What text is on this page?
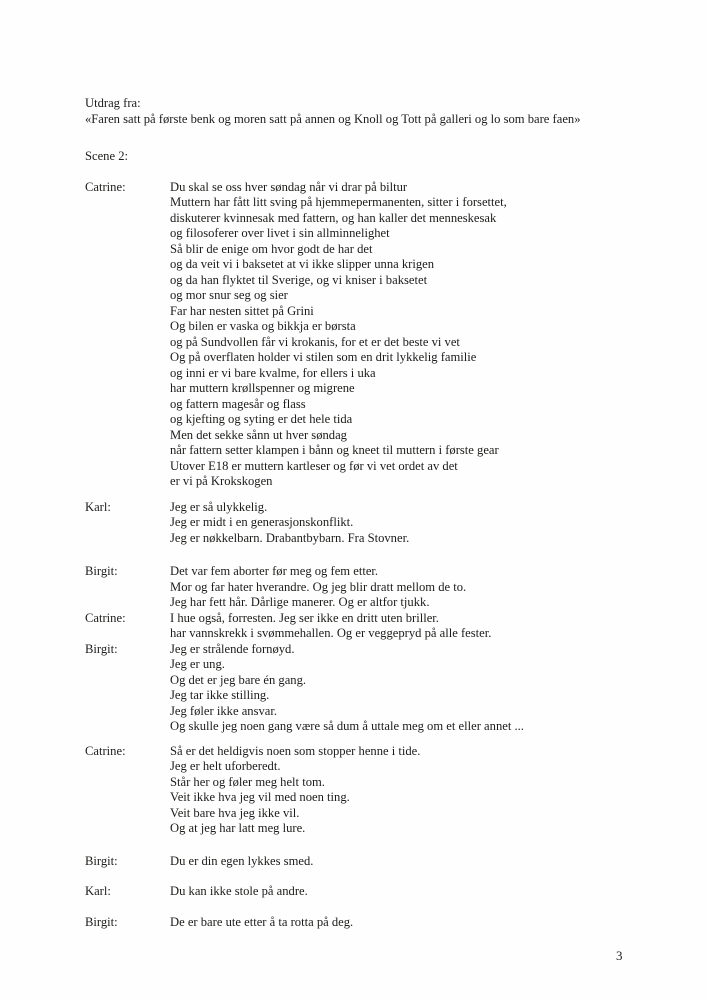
Utdrag fra:
«Faren satt på første benk og moren satt på annen og Knoll og Tott på galleri og lo som bare faen»
Scene 2:
Catrine:	Du skal se oss hver søndag når vi drar på biltur
Muttern har fått litt sving på hjemmepermanenten, sitter i forsettet,
diskuterer kvinnesak med fattern, og han kaller det menneskesak
og filosoferer over livet i sin allminnelighet
Så blir de enige om hvor godt de har det
og da veit vi i baksetet at vi ikke slipper unna krigen
og da han flyktet til Sverige, og vi kniser i baksetet
og mor snur seg og sier
Far har nesten sittet på Grini
Og bilen er vaska og bikkja er børsta
og på Sundvollen får vi krokanis, for et er det beste vi vet
Og på overflaten holder vi stilen som en drit lykkelig familie
og inni er vi bare kvalme, for ellers i uka
har muttern krøllspenner og migrene
og fattern magesår og flass
og kjefting og syting er det hele tida
Men det sekke sånn ut hver søndag
når fattern setter klampen i bånn og kneet til muttern i første gear
Utover E18 er muttern kartleser og før vi vet ordet av det
er vi på Krokskogen
Karl:	Jeg er så ulykkelig.
Jeg er midt i en generasjonskonflikt.
Jeg er nøkkelbarn. Drabantbybarn. Fra Stovner.
Birgit:	Det var fem aborter før meg og fem etter.
Mor og far hater hverandre. Og jeg blir dratt mellom de to.
Jeg har fett hår. Dårlige manerer. Og er altfor tjukk.
Catrine:	I hue også, forresten. Jeg ser ikke en dritt uten briller.
har vannskrekk i svømmehallen. Og er veggepryd på alle fester.
Birgit:	Jeg er strålende fornøyd.
Jeg er ung.
Og det er jeg bare én gang.
Jeg tar ikke stilling.
Jeg føler ikke ansvar.
Og skulle jeg noen gang være så dum å uttale meg om et eller annet ...
Catrine:	Så er det heldigvis noen som stopper henne i tide.
Jeg er helt uforberedt.
Står her og føler meg helt tom.
Veit ikke hva jeg vil med noen ting.
Veit bare hva jeg ikke vil.
Og at jeg har latt meg lure.
Birgit:	Du er din egen lykkes smed.
Karl:	Du kan ikke stole på andre.
Birgit:	De er bare ute etter å ta rotta på deg.
3
